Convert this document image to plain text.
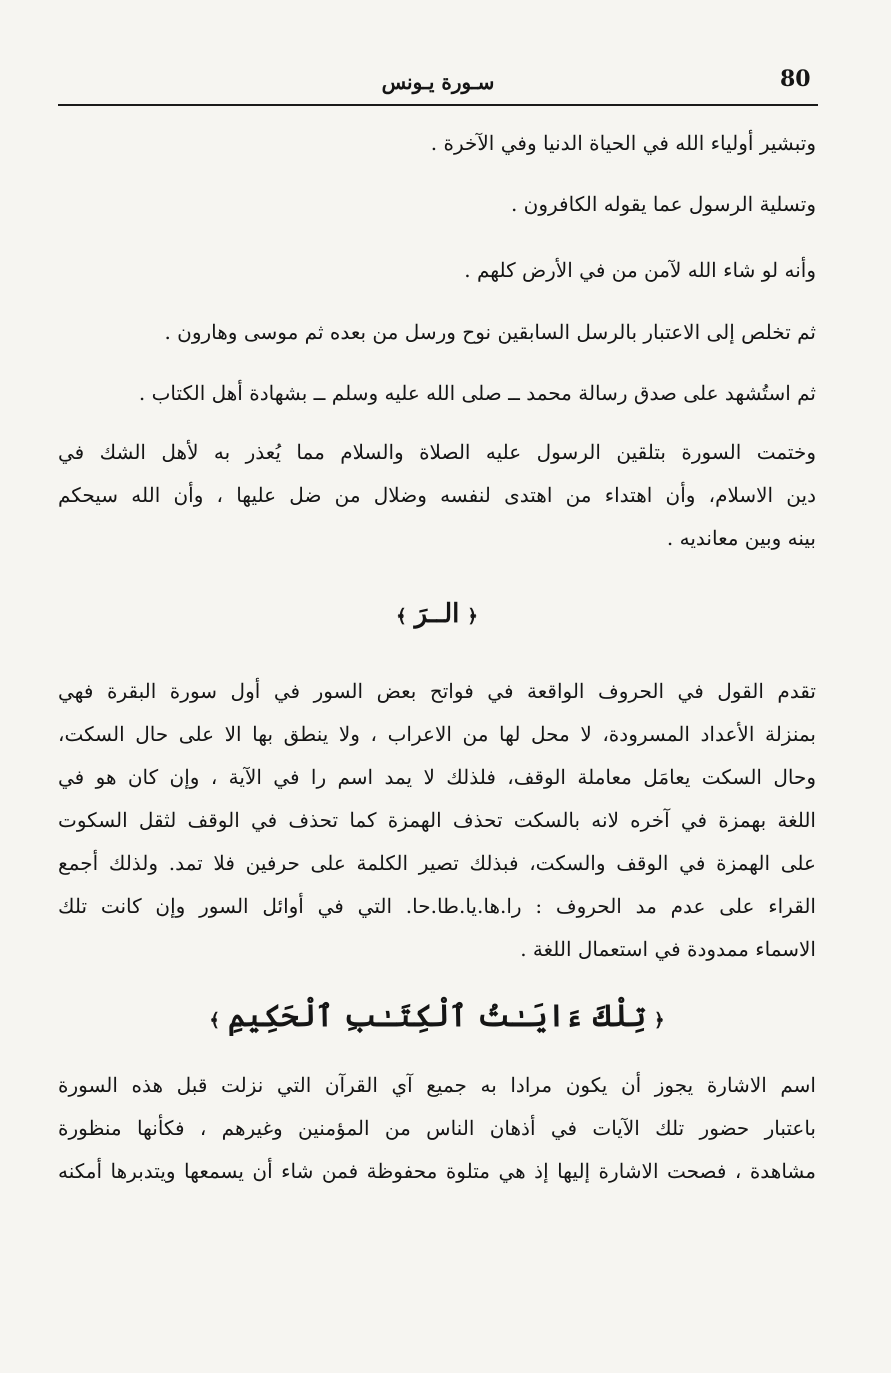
80
سـورة يـونس
وتبشير أولياء الله في الحياة الدنيا وفي الآخرة .
وتسلية الرسول عما يقوله الكافرون .
وأنه لو شاء الله لآمن من في الأرض كلهم .
ثم تخلص إلى الاعتبار بالرسل السابقين نوح ورسل من بعده ثم موسى وهارون .
ثم استُشهد على صدق رسالة محمد ــ صلى الله عليه وسلم ــ بشهادة أهل الكتاب .
وختمت السورة بتلقين الرسول عليه الصلاة والسلام مما يُعذر به لأهل الشك في
دين الاسلام، وأن اهتداء من اهتدى لنفسه وضلال من ضل عليها ، وأن الله سيحكم
بينه وبين معانديه .
﴿الــرَ﴾
تقدم القول في الحروف الواقعة في فواتح بعض السور في أول سورة البقرة فهي
بمنزلة الأعداد المسرودة، لا محل لها من الاعراب ، ولا ينطق بها الا على حال السكت،
وحال السكت يعامَل معاملة الوقف، فلذلك لا يمد اسم را في الآية ، وإن كان هو في
اللغة بهمزة في آخره لانه بالسكت تحذف الهمزة كما تحذف في الوقف لثقل السكوت
على الهمزة في الوقف والسكت، فبذلك تصير الكلمة على حرفين فلا تمد. ولذلك أجمع
القراء على عدم مد الحروف : را.ها.يا.طا.حا. التي في أوائل السور وإن كانت تلك
الاسماء ممدودة في استعمال اللغة .
﴿تِلْكَ ءَايَـٰتُ ٱلْكِتَـٰبِ ٱلْحَكِيمِ﴾
اسم الاشارة يجوز أن يكون مرادا به جميع آي القرآن التي نزلت قبل هذه السورة
باعتبار حضور تلك الآيات في أذهان الناس من المؤمنين وغيرهم ، فكأنها منظورة
مشاهدة ، فصحت الاشارة إليها إذ هي متلوة محفوظة فمن شاء أن يسمعها ويتدبرها أمكنه
